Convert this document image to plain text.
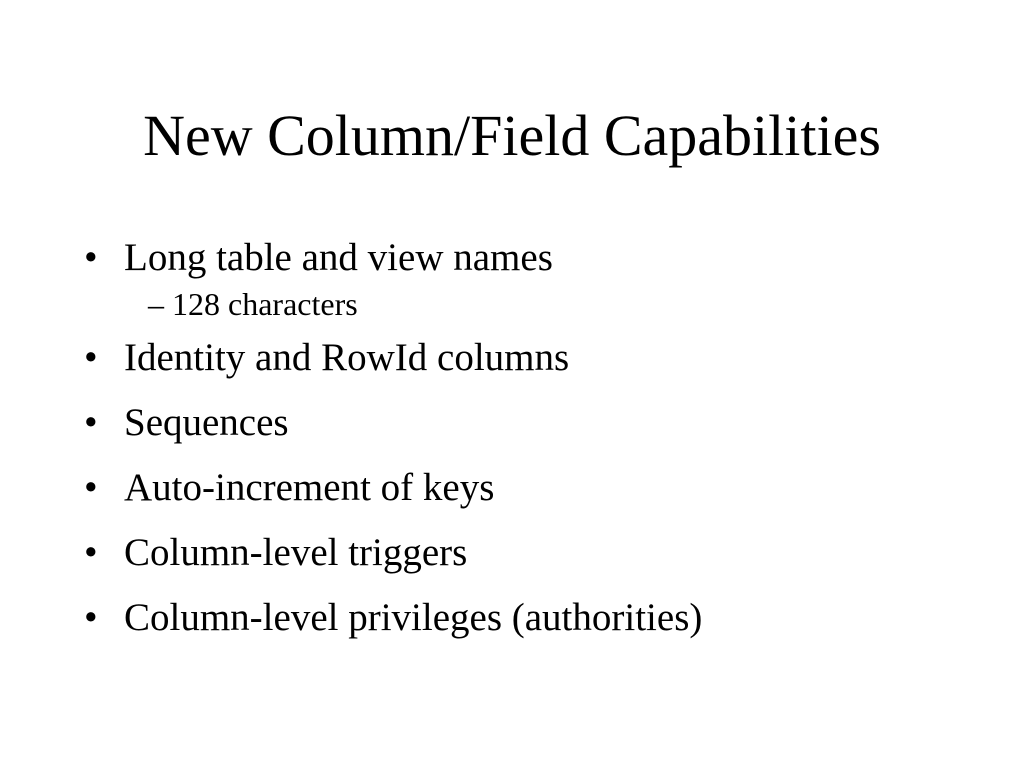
New Column/Field Capabilities
• Long table and view names
– 128 characters
• Identity and RowId columns
• Sequences
• Auto-increment of keys
• Column-level triggers
• Column-level privileges (authorities)
